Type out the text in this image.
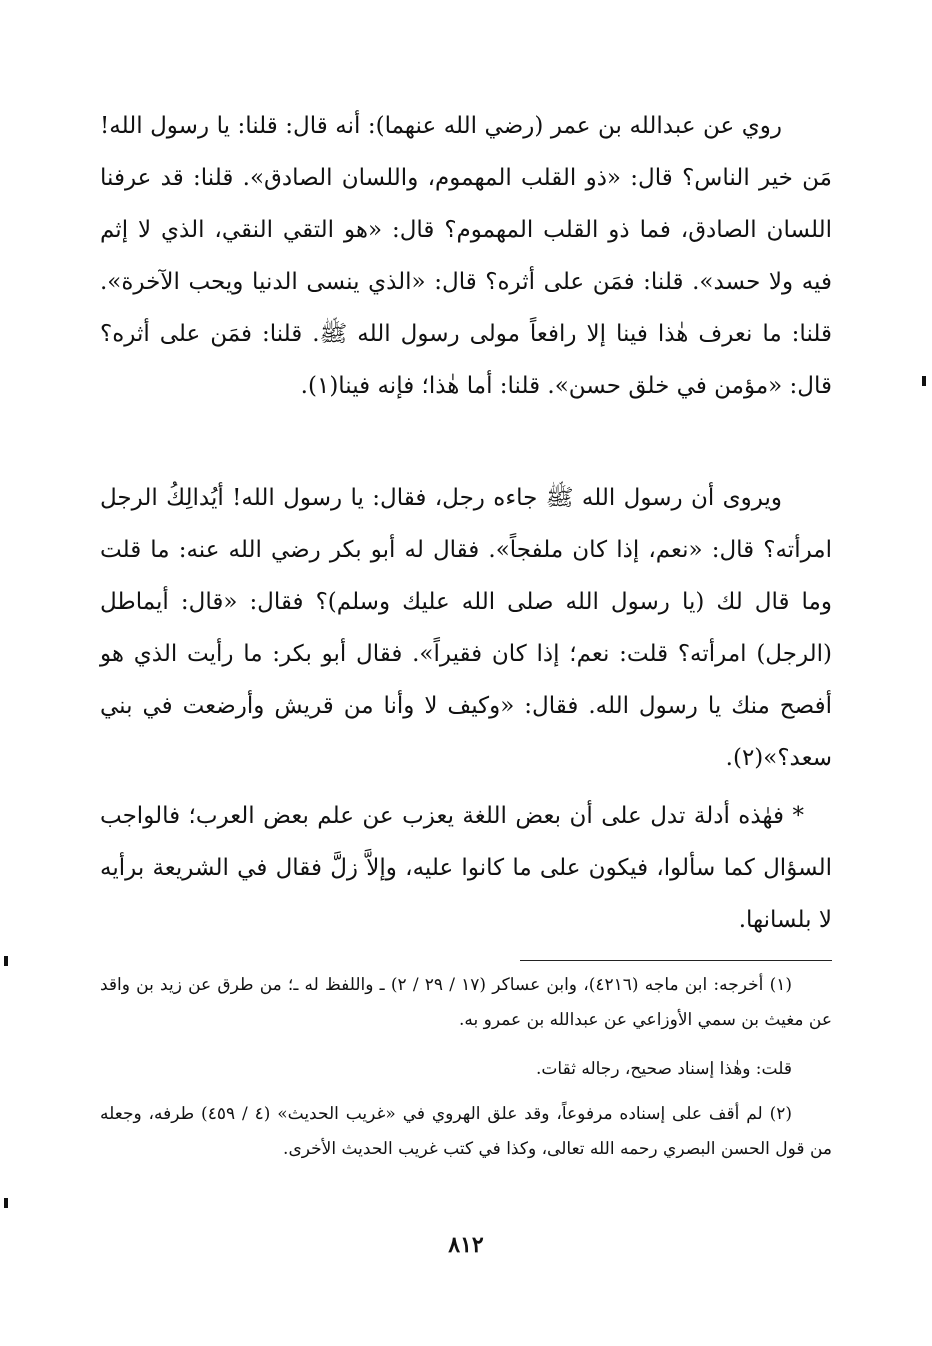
روي عن عبدالله بن عمر (رضي الله عنهما): أنه قال: قلنا: يا رسول الله! مَن خير الناس؟ قال: «ذو القلب المهموم، واللسان الصادق». قلنا: قد عرفنا اللسان الصادق، فما ذو القلب المهموم؟ قال: «هو التقي النقي، الذي لا إثم فيه ولا حسد». قلنا: فمَن على أثره؟ قال: «الذي ينسى الدنيا ويحب الآخرة». قلنا: ما نعرف هٰذا فينا إلا رافعاً مولى رسول الله ﷺ. قلنا: فمَن على أثره؟ قال: «مؤمن في خلق حسن». قلنا: أما هٰذا؛ فإنه فينا(١).

ويروى أن رسول الله ﷺ جاءه رجل، فقال: يا رسول الله! أيُدالِكُ الرجل امرأته؟ قال: «نعم، إذا كان ملفجاً». فقال له أبو بكر رضي الله عنه: ما قلت وما قال لك (يا رسول الله صلى الله عليك وسلم)؟ فقال: «قال: أيماطل (الرجل) امرأته؟ قلت: نعم؛ إذا كان فقيراً». فقال أبو بكر: ما رأيت الذي هو أفصح منك يا رسول الله. فقال: «وكيف لا وأنا من قريش وأرضعت في بني سعد؟»(٢).

* فهٰذه أدلة تدل على أن بعض اللغة يعزب عن علم بعض العرب؛ فالواجب السؤال كما سألوا، فيكون على ما كانوا عليه، وإلاَّ زلَّ فقال في الشريعة برأيه لا بلسانها.

(١) أخرجه: ابن ماجه (٤٢١٦)، وابن عساكر (١٧ / ٢٩ / ٢) ـ واللفظ له ـ؛ من طرق عن زيد بن واقد عن مغيث بن سمي الأوزاعي عن عبدالله بن عمرو به.

قلت: وهٰذا إسناد صحيح، رجاله ثقات.

(٢) لم أقف على إسناده مرفوعاً، وقد علق الهروي في «غريب الحديث» (٤ / ٤٥٩) طرفه، وجعله من قول الحسن البصري رحمه الله تعالى، وكذا في كتب غريب الحديث الأخرى.

٨١٢
